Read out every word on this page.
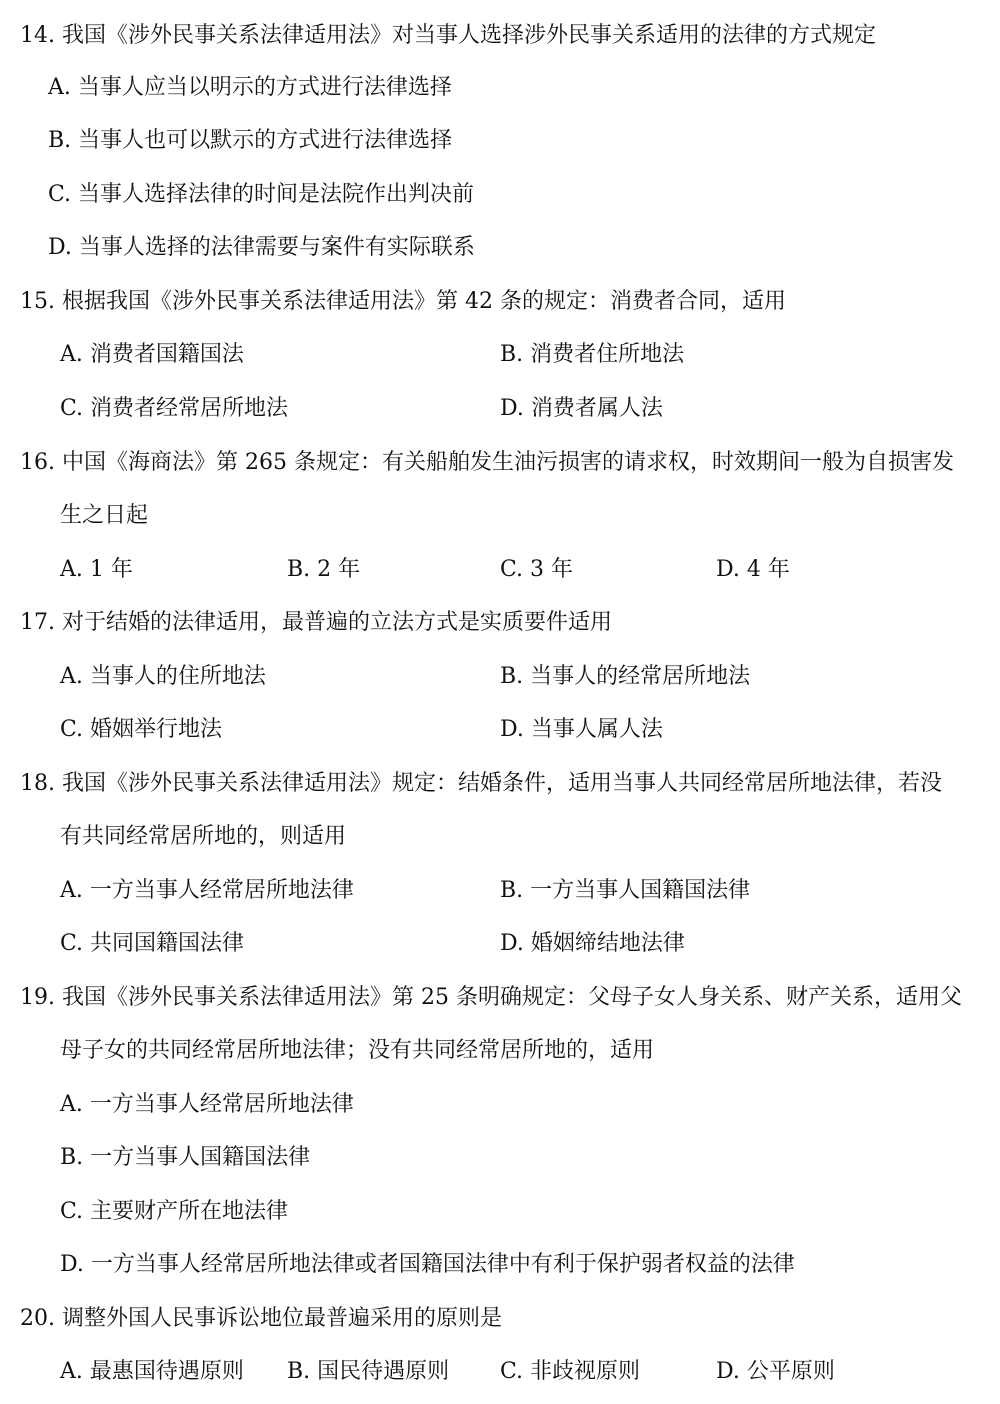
14. 我国《涉外民事关系法律适用法》对当事人选择涉外民事关系适用的法律的方式规定
A. 当事人应当以明示的方式进行法律选择
B. 当事人也可以默示的方式进行法律选择
C. 当事人选择法律的时间是法院作出判决前
D. 当事人选择的法律需要与案件有实际联系
15. 根据我国《涉外民事关系法律适用法》第 42 条的规定：消费者合同，适用
A. 消费者国籍国法	B. 消费者住所地法
C. 消费者经常居所地法	D. 消费者属人法
16. 中国《海商法》第 265 条规定：有关船舶发生油污损害的请求权，时效期间一般为自损害发
生之日起
A. 1 年	B. 2 年	C. 3 年	D. 4 年
17. 对于结婚的法律适用，最普遍的立法方式是实质要件适用
A. 当事人的住所地法	B. 当事人的经常居所地法
C. 婚姻举行地法	D. 当事人属人法
18. 我国《涉外民事关系法律适用法》规定：结婚条件，适用当事人共同经常居所地法律，若没
有共同经常居所地的，则适用
A. 一方当事人经常居所地法律	B. 一方当事人国籍国法律
C. 共同国籍国法律	D. 婚姻缔结地法律
19. 我国《涉外民事关系法律适用法》第 25 条明确规定：父母子女人身关系、财产关系，适用父
母子女的共同经常居所地法律；没有共同经常居所地的，适用
A. 一方当事人经常居所地法律
B. 一方当事人国籍国法律
C. 主要财产所在地法律
D. 一方当事人经常居所地法律或者国籍国法律中有利于保护弱者权益的法律
20. 调整外国人民事诉讼地位最普遍采用的原则是
A. 最惠国待遇原则 B. 国民待遇原则 C. 非歧视原则	D. 公平原则
